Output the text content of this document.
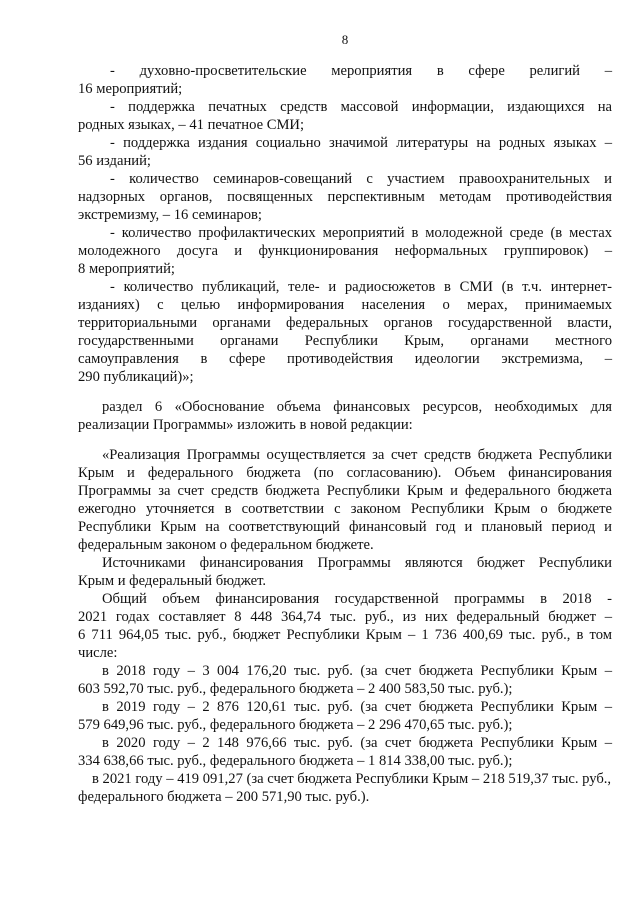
8
- духовно-просветительские мероприятия в сфере религий –
16 мероприятий;
- поддержка печатных средств массовой информации, издающихся на
родных языках, – 41 печатное СМИ;
- поддержка издания социально значимой литературы на родных языках –
56 изданий;
- количество семинаров-совещаний с участием правоохранительных и
надзорных органов, посвященных перспективным методам противодействия
экстремизму, – 16 семинаров;
- количество профилактических мероприятий в молодежной среде (в местах
молодежного досуга и функционирования неформальных группировок) –
8 мероприятий;
- количество публикаций, теле- и радиосюжетов в СМИ (в т.ч. интернет-
изданиях) с целью информирования населения о мерах, принимаемых
территориальными органами федеральных органов государственной власти,
государственными органами Республики Крым, органами местного
самоуправления в сфере противодействия идеологии экстремизма, –
290 публикаций)»;
раздел 6 «Обоснование объема финансовых ресурсов, необходимых для
реализации Программы» изложить в новой редакции:
«Реализация Программы осуществляется за счет средств бюджета Республики
Крым и федерального бюджета (по согласованию). Объем финансирования
Программы за счет средств бюджета Республики Крым и федерального бюджета
ежегодно уточняется в соответствии с законом Республики Крым о бюджете
Республики Крым на соответствующий финансовый год и плановый период и
федеральным законом о федеральном бюджете.
Источниками финансирования Программы являются бюджет Республики
Крым и федеральный бюджет.
Общий объем финансирования государственной программы в 2018 -
2021 годах составляет 8 448 364,74 тыс. руб., из них федеральный бюджет –
6 711 964,05 тыс. руб., бюджет Республики Крым – 1 736 400,69 тыс. руб., в том
числе:
в 2018 году – 3 004 176,20 тыс. руб. (за счет бюджета Республики Крым –
603 592,70 тыс. руб., федерального бюджета – 2 400 583,50 тыс. руб.);
в 2019 году – 2 876 120,61 тыс. руб. (за счет бюджета Республики Крым –
579 649,96 тыс. руб., федерального бюджета – 2 296 470,65 тыс. руб.);
в 2020 году – 2 148 976,66 тыс. руб. (за счет бюджета Республики Крым –
334 638,66 тыс. руб., федерального бюджета – 1 814 338,00 тыс. руб.);
в 2021 году – 419 091,27 (за счет бюджета Республики Крым – 218 519,37 тыс. руб.,
федерального бюджета – 200 571,90 тыс. руб.).
